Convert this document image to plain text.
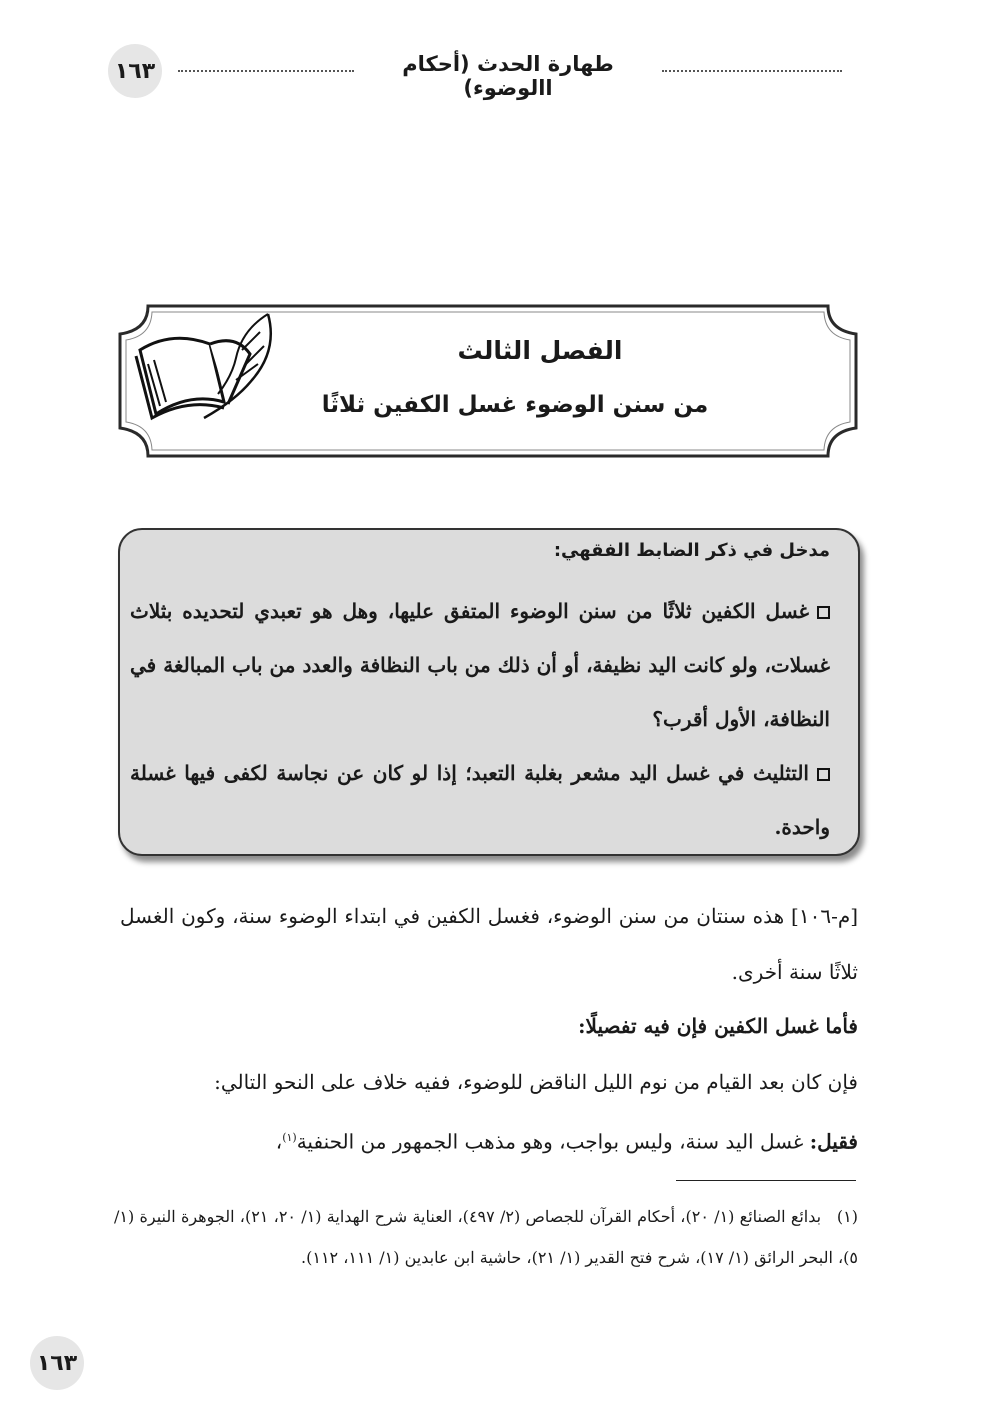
١٦٣	طهارة الحدث (أحكام االوضوء)
الفصل الثالث
من سنن الوضوء غسل الكفين ثلاثًا
مدخل في ذكر الضابط الفقهي:
غسل الكفين ثلاثًا من سنن الوضوء المتفق عليها، وهل هو تعبدي لتحديده بثلاث غسلات، ولو كانت اليد نظيفة، أو أن ذلك من باب النظافة والعدد من باب المبالغة في النظافة، الأول أقرب؟
التثليث في غسل اليد مشعر بغلبة التعبد؛ إذا لو كان عن نجاسة لكفى فيها غسلة واحدة.
[م-١٠٦] هذه سنتان من سنن الوضوء، فغسل الكفين في ابتداء الوضوء سنة، وكون الغسل ثلاثًا سنة أخرى.
فأما غسل الكفين فإن فيه تفصيلًا:
فإن كان بعد القيام من نوم الليل الناقض للوضوء، ففيه خلاف على النحو التالي:
فقيل: غسل اليد سنة، وليس بواجب، وهو مذهب الجمهور من الحنفية$^{(١)}$،
(١)   بدائع الصنائع (١/ ٢٠)، أحكام القرآن للجصاص (٢/ ٤٩٧)، العناية شرح الهداية (١/ ٢٠، ٢١)، الجوهرة النيرة (١/ ٥)، البحر الرائق (١/ ١٧)، شرح فتح القدير (١/ ٢١)، حاشية ابن عابدين (١/ ١١١، ١١٢).
١٦٣
